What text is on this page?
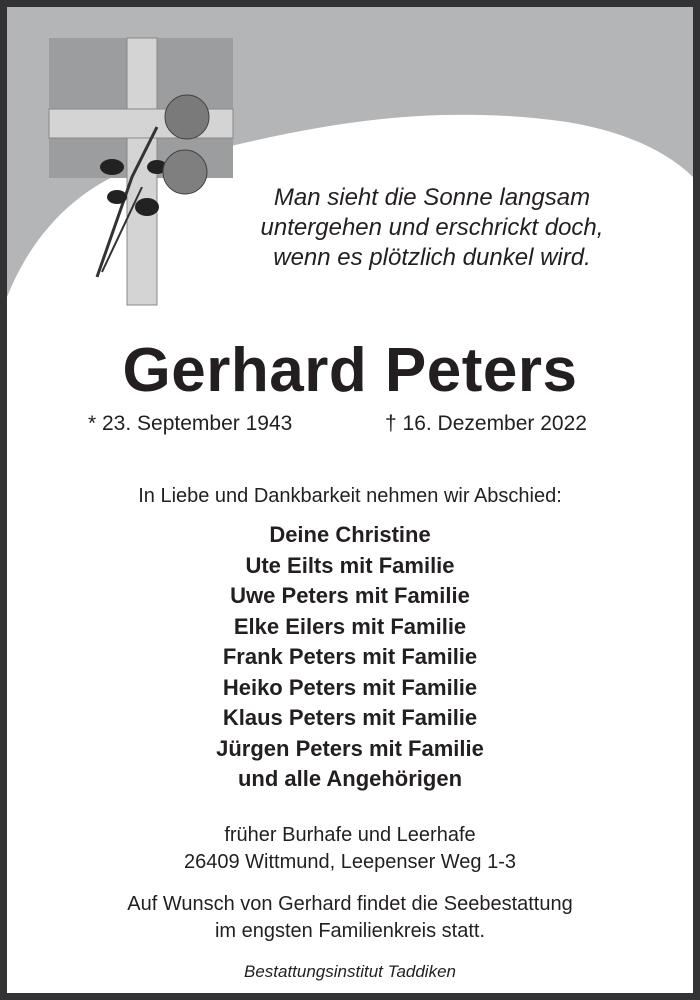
Man sieht die Sonne langsam
untergehen und erschrickt doch,
wenn es plötzlich dunkel wird.
Gerhard Peters
* 23. September 1943	† 16. Dezember 2022
In Liebe und Dankbarkeit nehmen wir Abschied:
Deine Christine
Ute Eilts mit Familie
Uwe Peters mit Familie
Elke Eilers mit Familie
Frank Peters mit Familie
Heiko Peters mit Familie
Klaus Peters mit Familie
Jürgen Peters mit Familie
und alle Angehörigen
früher Burhafe und Leerhafe
26409 Wittmund, Leepenser Weg 1-3
Auf Wunsch von Gerhard findet die Seebestattung
im engsten Familienkreis statt.
Bestattungsinstitut Taddiken
